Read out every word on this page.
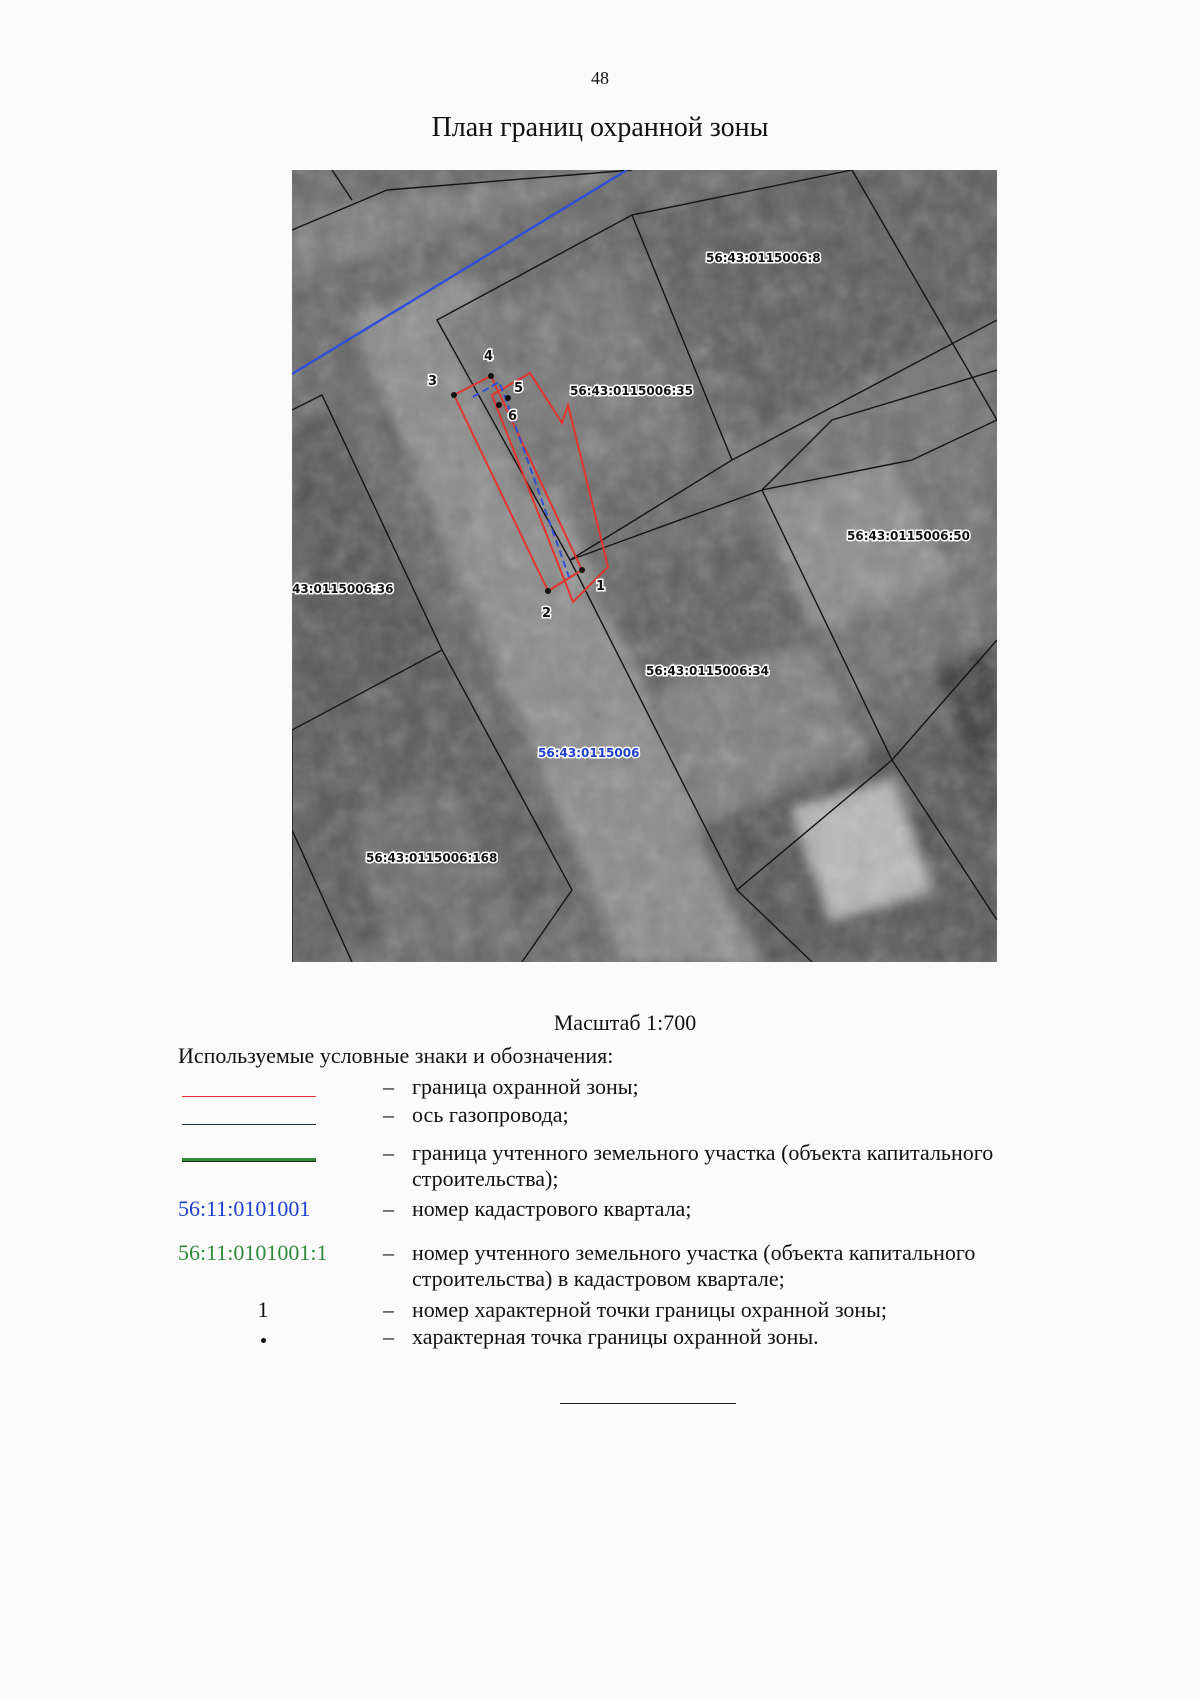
48
План границ охранной зоны
1
2
3
4
5
6
56:43:0115006:8
56:43:0115006:35
56:43:0115006:50
43:0115006:36
56:43:0115006:34
56:43:0115006:168
56:43:0115006
Масштаб 1:700
Используемые условные знаки и обозначения:
– граница охранной зоны;
– ось газопровода;
– граница учтенного земельного участка (объекта капитального строительства);
56:11:0101001	– номер кадастрового квартала;
56:11:0101001:1	– номер учтенного земельного участка (объекта капитального строительства) в кадастровом квартале;
1	– номер характерной точки границы охранной зоны;
– характерная точка границы охранной зоны.
